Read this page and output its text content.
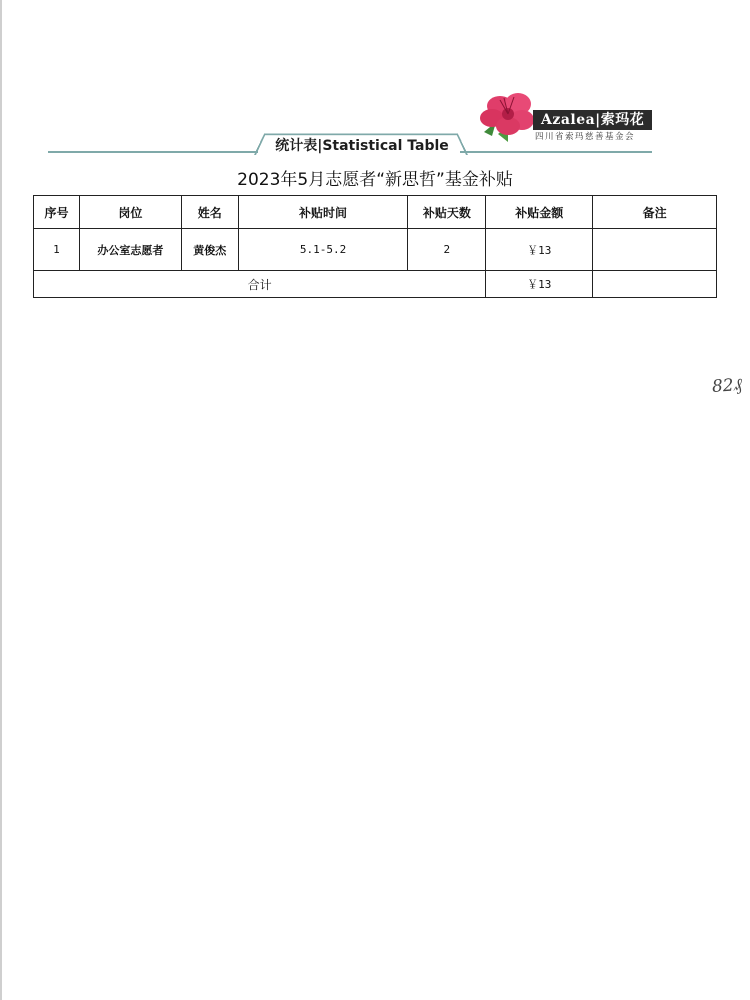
Azalea|索玛花
四川省索玛慈善基金会
统计表|Statistical Table
2023年5月志愿者“新思哲”基金补贴
序号	岗位	姓名	补贴时间	补贴天数	补贴金额	备注
1	办公室志愿者	黄俊杰	5.1-5.2	2	￥13	
合计					￥13	
82₰
